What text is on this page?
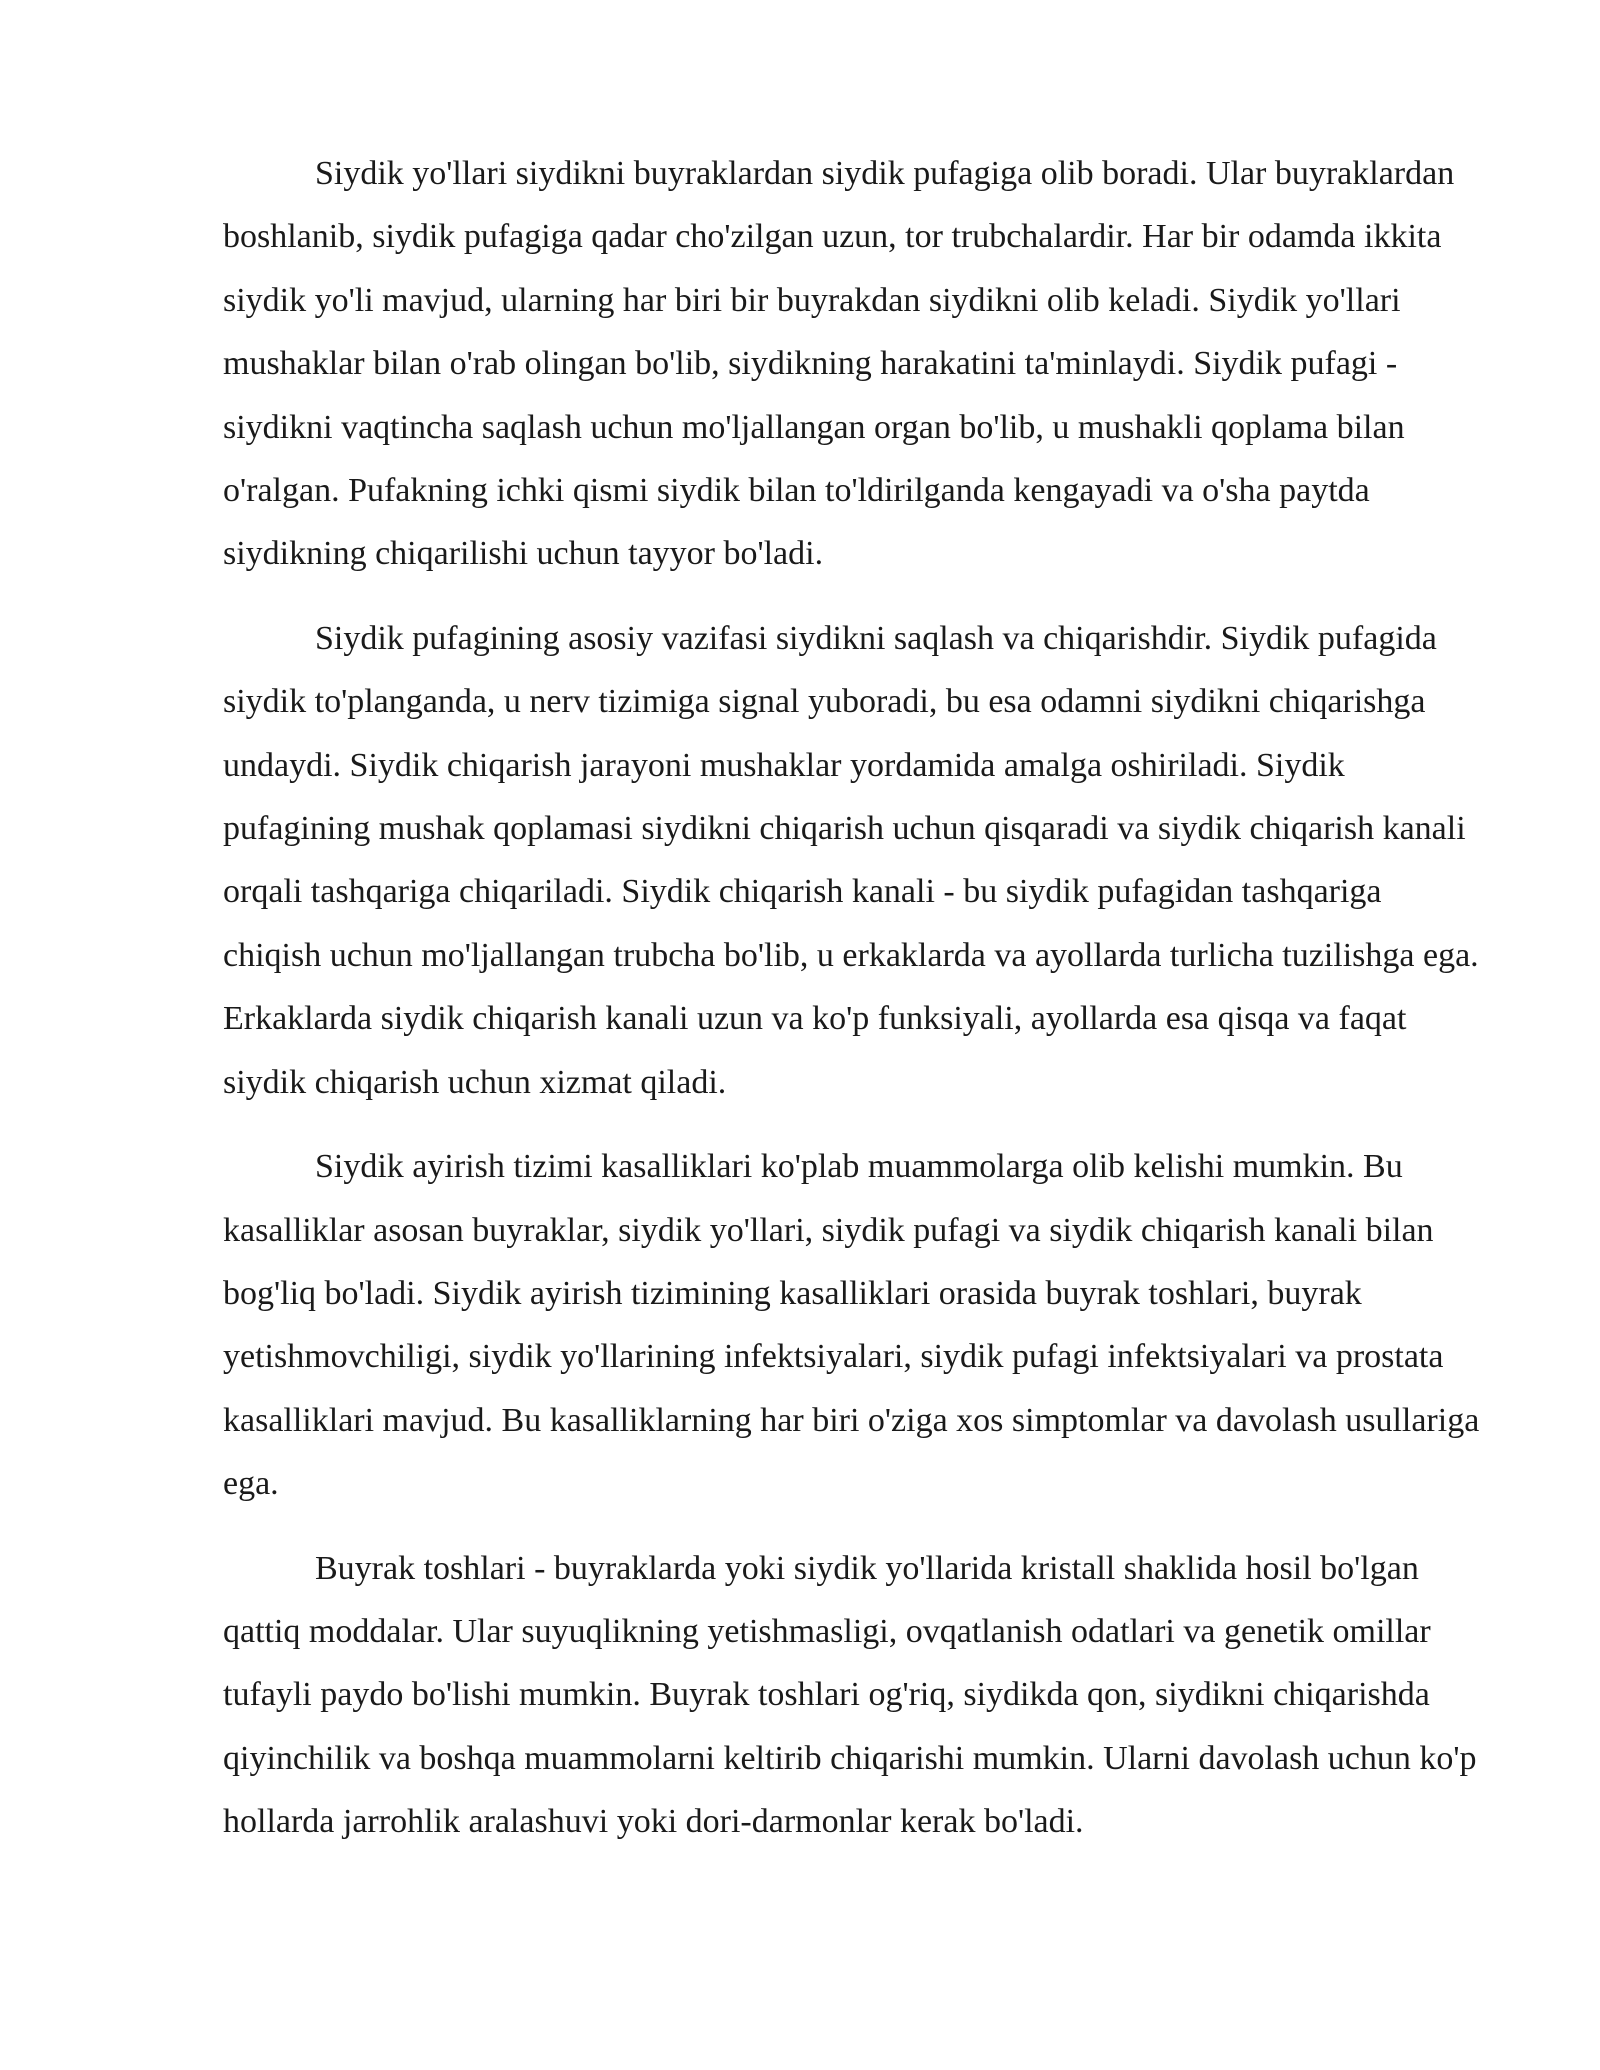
Siydik yo'llari siydikni buyraklardan siydik pufagiga olib boradi. Ular buyraklardan boshlanib, siydik pufagiga qadar cho'zilgan uzun, tor trubchalardir. Har bir odamda ikkita siydik yo'li mavjud, ularning har biri bir buyrakdan siydikni olib keladi. Siydik yo'llari mushaklar bilan o'rab olingan bo'lib, siydikning harakatini ta'minlaydi. Siydik pufagi - siydikni vaqtincha saqlash uchun mo'ljallangan organ bo'lib, u mushakli qoplama bilan o'ralgan. Pufakning ichki qismi siydik bilan to'ldirilganda kengayadi va o'sha paytda siydikning chiqarilishi uchun tayyor bo'ladi.

Siydik pufagining asosiy vazifasi siydikni saqlash va chiqarishdir. Siydik pufagida siydik to'planganda, u nerv tizimiga signal yuboradi, bu esa odamni siydikni chiqarishga undaydi. Siydik chiqarish jarayoni mushaklar yordamida amalga oshiriladi. Siydik pufagining mushak qoplamasi siydikni chiqarish uchun qisqaradi va siydik chiqarish kanali orqali tashqariga chiqariladi. Siydik chiqarish kanali - bu siydik pufagidan tashqariga chiqish uchun mo'ljallangan trubcha bo'lib, u erkaklarda va ayollarda turlicha tuzilishga ega. Erkaklarda siydik chiqarish kanali uzun va ko'p funksiyali, ayollarda esa qisqa va faqat siydik chiqarish uchun xizmat qiladi.

Siydik ayirish tizimi kasalliklari ko'plab muammolarga olib kelishi mumkin. Bu kasalliklar asosan buyraklar, siydik yo'llari, siydik pufagi va siydik chiqarish kanali bilan bog'liq bo'ladi. Siydik ayirish tizimining kasalliklari orasida buyrak toshlari, buyrak yetishmovchiligi, siydik yo'llarining infektsiyalari, siydik pufagi infektsiyalari va prostata kasalliklari mavjud. Bu kasalliklarning har biri o'ziga xos simptomlar va davolash usullariga ega.

Buyrak toshlari - buyraklarda yoki siydik yo'llarida kristall shaklida hosil bo'lgan qattiq moddalar. Ular suyuqlikning yetishmasligi, ovqatlanish odatlari va genetik omillar tufayli paydo bo'lishi mumkin. Buyrak toshlari og'riq, siydikda qon, siydikni chiqarishda qiyinchilik va boshqa muammolarni keltirib chiqarishi mumkin. Ularni davolash uchun ko'p hollarda jarrohlik aralashuvi yoki dori-darmonlar kerak bo'ladi.
